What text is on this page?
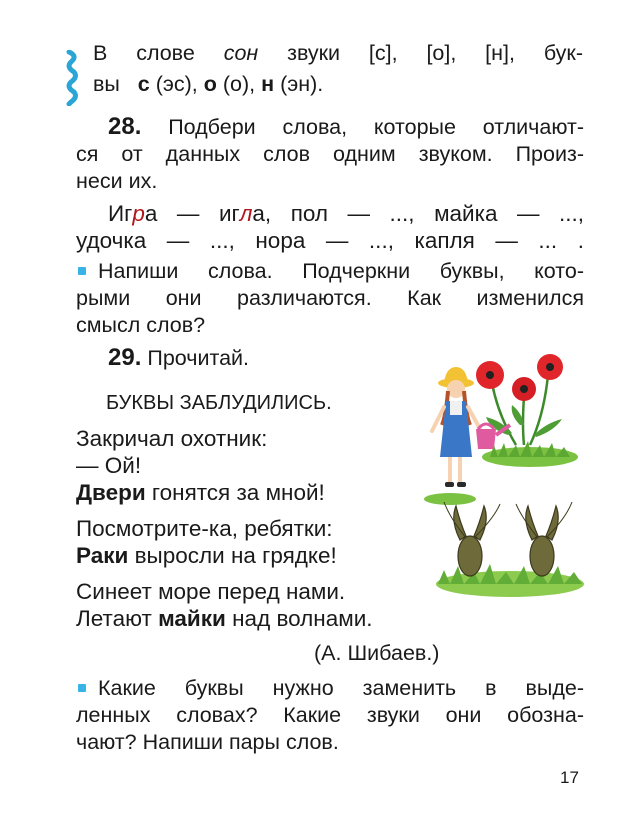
В слове сон звуки [с], [о], [н], бук-
вы с (эс), о (о), н (эн).
28. Подбери слова, которые отличают-
ся от данных слов одним звуком. Произ-
неси их.
Игра — игла, пол — ..., майка — ...,
удочка — ..., нора — ..., капля — ... .
Напиши слова. Подчеркни буквы, кото-
рыми они различаются. Как изменился
смысл слов?
29. Прочитай.
БУКВЫ ЗАБЛУДИЛИСЬ.
Закричал охотник:
— Ой!
Двери гонятся за мной!
Посмотрите-ка, ребятки:
Раки выросли на грядке!
Синеет море перед нами.
Летают майки над волнами.
(А. Шибаев.)
Какие буквы нужно заменить в выде-
ленных словах? Какие звуки они обозна-
чают? Напиши пары слов.
17
